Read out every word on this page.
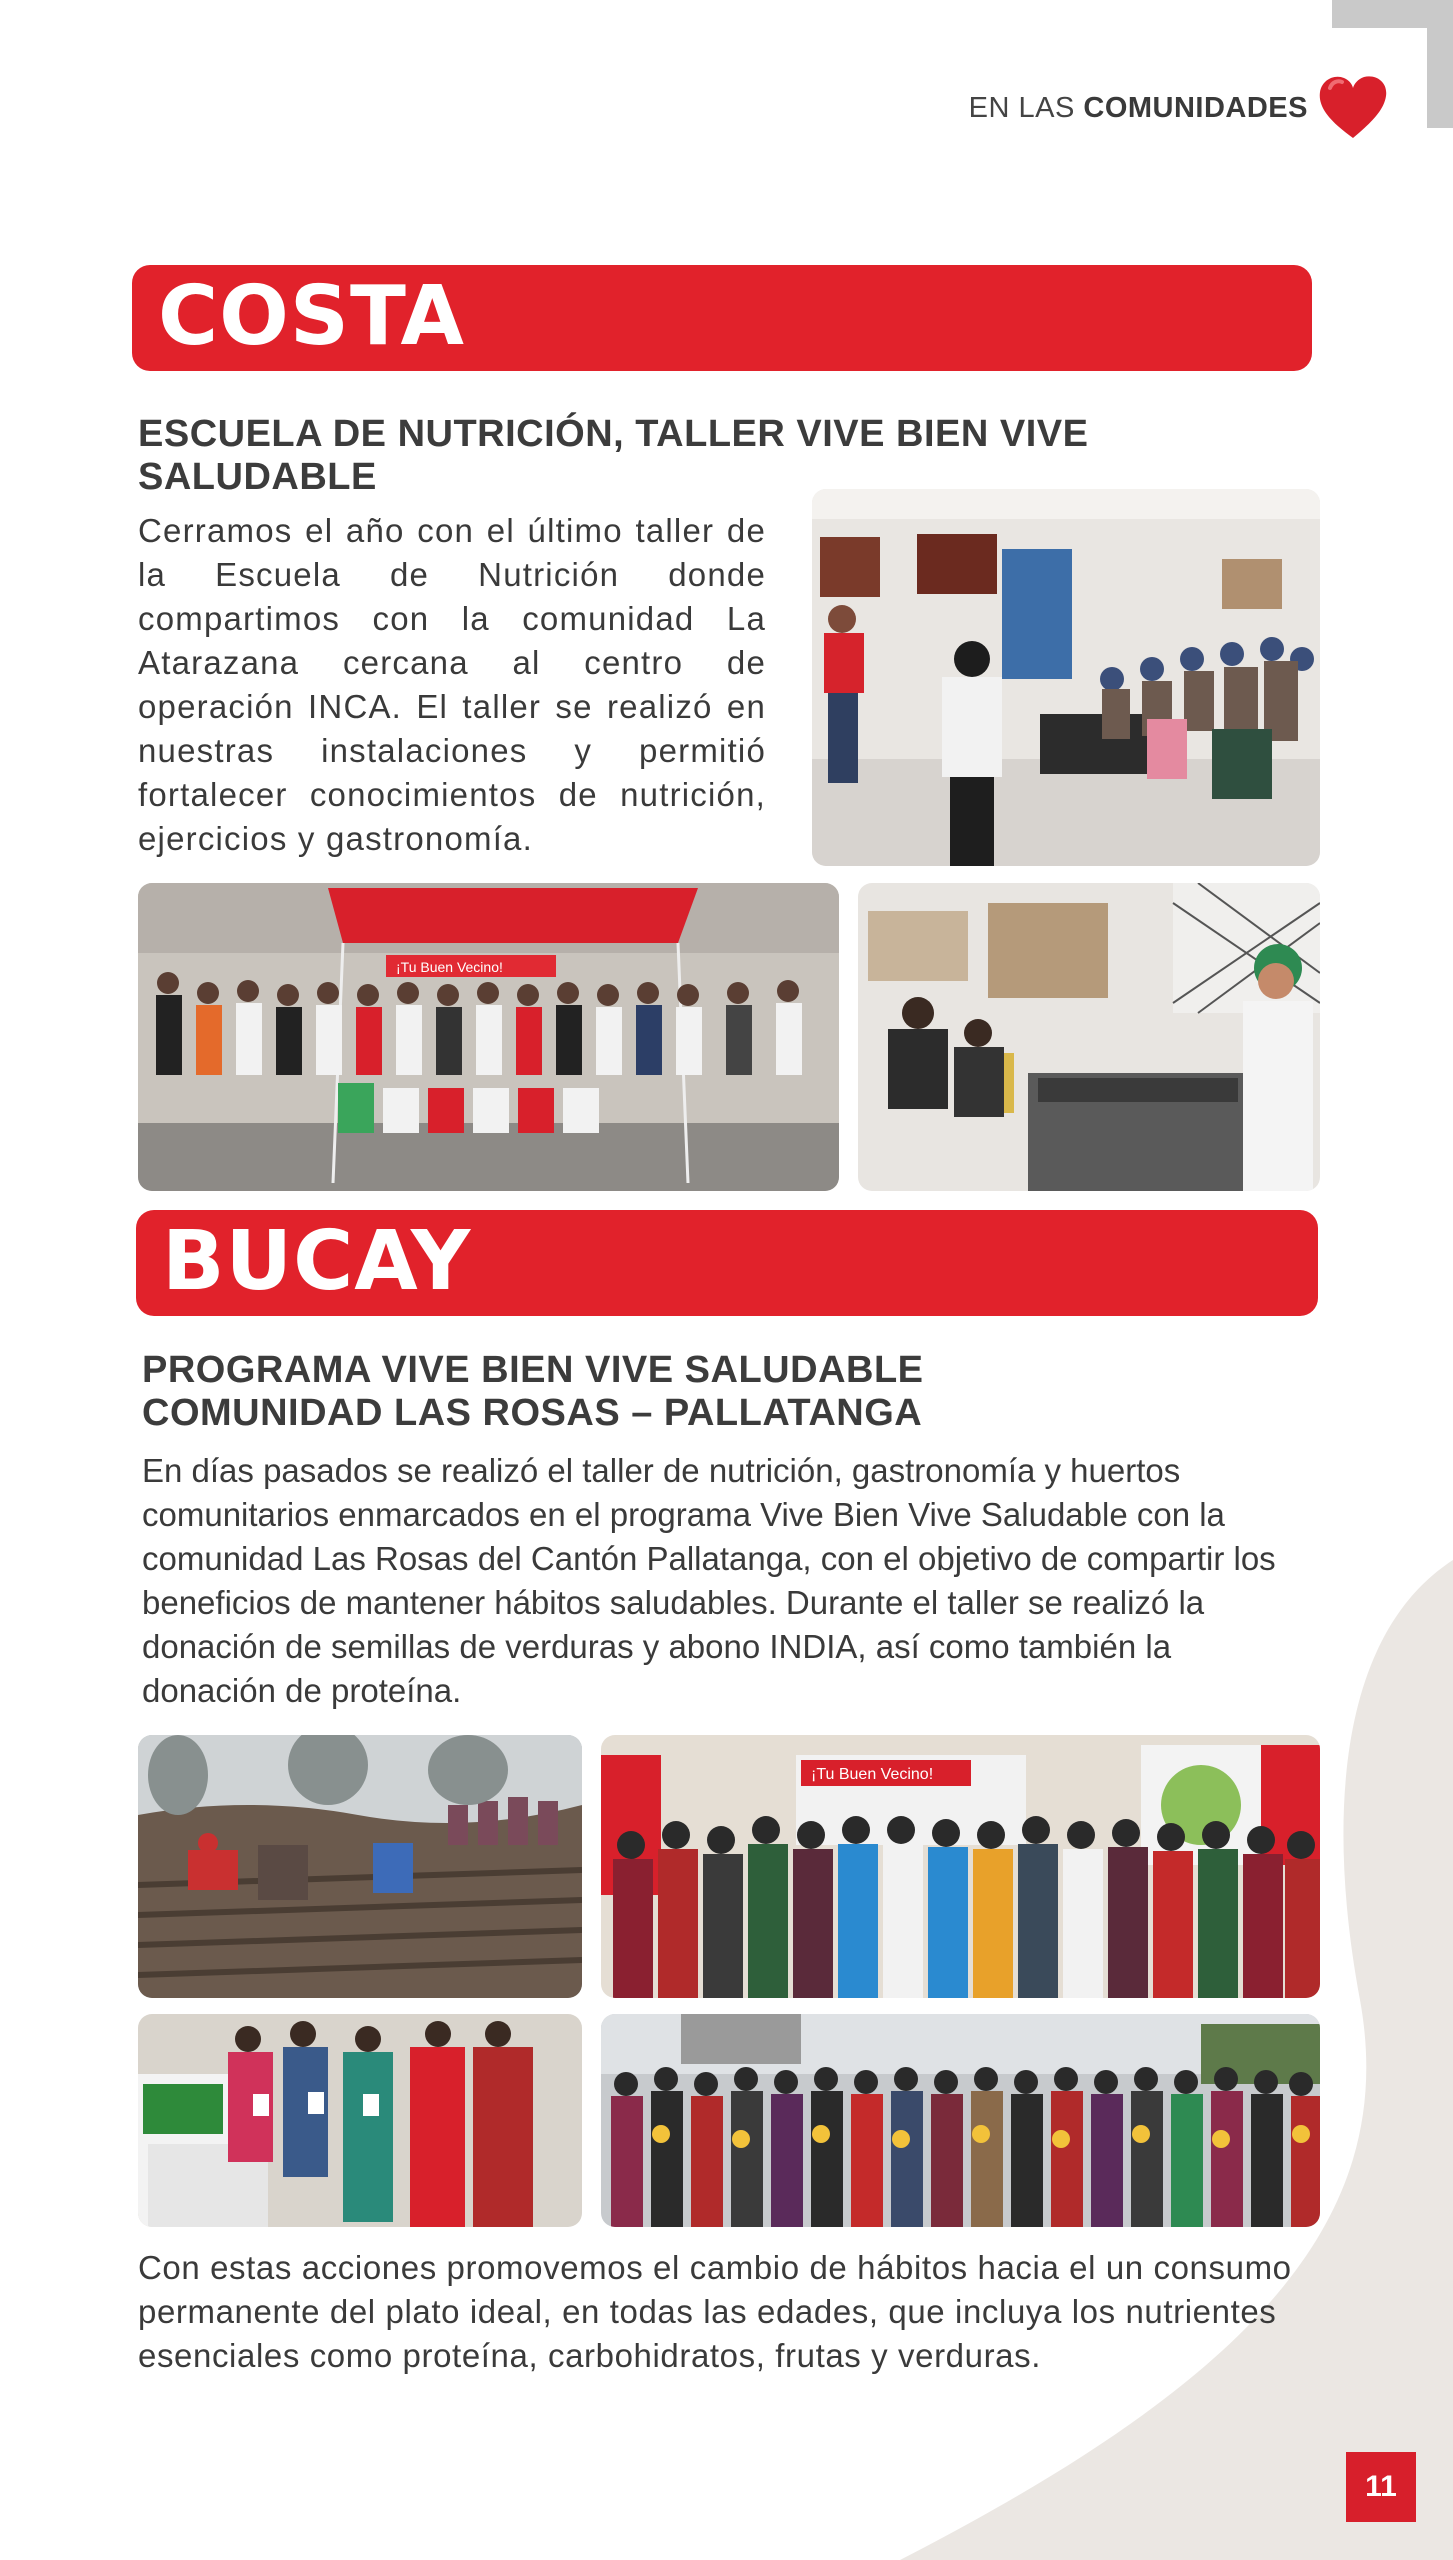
EN LAS COMUNIDADES
COSTA
ESCUELA DE NUTRICIÓN, TALLER VIVE BIEN VIVE SALUDABLE
Cerramos el año con el último taller de la Escuela de Nutrición donde compartimos con la comunidad La Atarazana cercana al centro de operación INCA. El taller se realizó en nuestras instalaciones y permitió fortalecer conocimientos de nutrición, ejercicios y gastronomía.
¡Tu Buen Vecino!
BUCAY
PROGRAMA VIVE BIEN VIVE SALUDABLE
COMUNIDAD LAS ROSAS – PALLATANGA
En días pasados se realizó el taller de nutrición, gastronomía y huertos comunitarios enmarcados en el programa Vive Bien Vive Saludable con la comunidad Las Rosas del Cantón Pallatanga, con el objetivo de compartir los beneficios de mantener hábitos saludables. Durante el taller se realizó la donación de semillas de verduras y abono INDIA, así como también la donación de proteína.
¡Tu Buen Vecino!
Con estas acciones promovemos el cambio de hábitos hacia el un consumo permanente del plato ideal, en todas las edades, que incluya los nutrientes esenciales como proteína, carbohidratos, frutas y verduras.
11
